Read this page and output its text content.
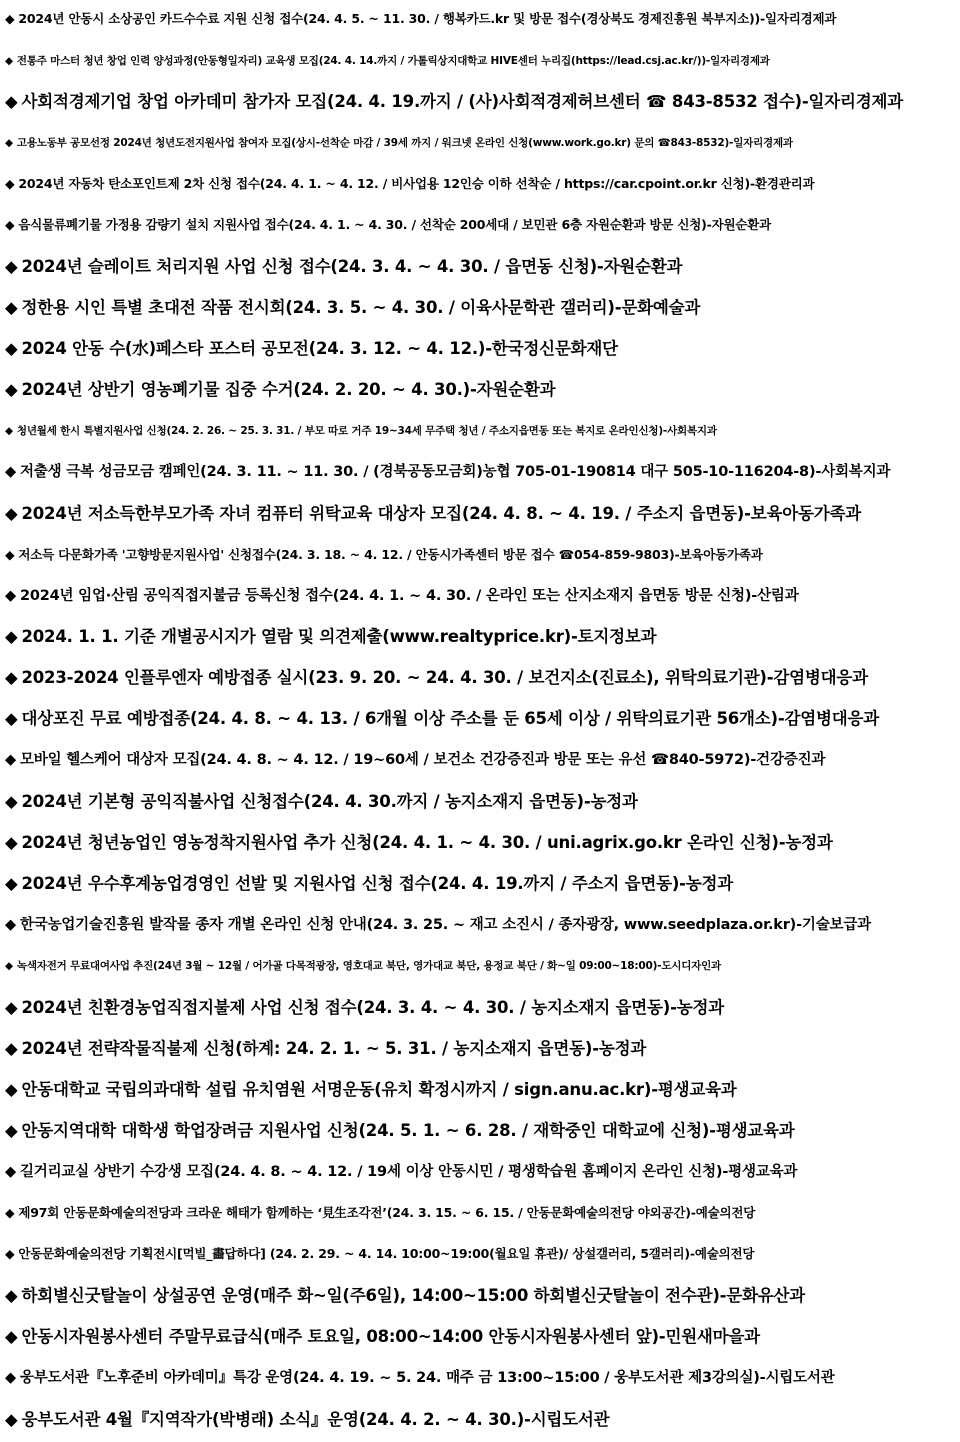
◆ 2024년 안동시 소상공인 카드수수료 지원 신청 접수(24. 4. 5. ~ 11. 30. / 행복카드.kr 및 방문 접수(경상북도 경제진흥원 북부지소))-일자리경제과
◆ 전통주 마스터 청년 창업 인력 양성과정(안동형일자리) 교육생 모집(24. 4. 14.까지 / 가톨릭상지대학교 HIVE센터 누리집(https://lead.csj.ac.kr/))-일자리경제과
◆ 사회적경제기업 창업 아카데미 참가자 모집(24. 4. 19.까지 / (사)사회적경제허브센터 ☎ 843-8532 접수)-일자리경제과
◆ 고용노동부 공모선정 2024년 청년도전지원사업 참여자 모집(상시-선착순 마감 / 39세 까지 / 워크넷 온라인 신청(www.work.go.kr) 문의 ☎843-8532)-일자리경제과
◆ 2024년 자동차 탄소포인트제 2차 신청 접수(24. 4. 1. ~ 4. 12. / 비사업용 12인승 이하 선착순 / https://car.cpoint.or.kr 신청)-환경관리과
◆ 음식물류폐기물 가정용 감량기 설치 지원사업 접수(24. 4. 1. ~ 4. 30. / 선착순 200세대 / 보민관 6층 자원순환과 방문 신청)-자원순환과
◆ 2024년 슬레이트 처리지원 사업 신청 접수(24. 3. 4. ~ 4. 30. / 읍면동 신청)-자원순환과
◆ 정한용 시인 특별 초대전 작품 전시회(24. 3. 5. ~ 4. 30. / 이육사문학관 갤러리)-문화예술과
◆ 2024 안동 수(水)페스타 포스터 공모전(24. 3. 12. ~ 4. 12.)-한국정신문화재단
◆ 2024년 상반기 영농폐기물 집중 수거(24. 2. 20. ~ 4. 30.)-자원순환과
◆ 청년월세 한시 특별지원사업 신청(24. 2. 26. ~ 25. 3. 31. / 부모 따로 거주 19~34세 무주택 청년 / 주소지읍면동 또는 복지로 온라인신청)-사회복지과
◆ 저출생 극복 성금모금 캠페인(24. 3. 11. ~ 11. 30. / (경북공동모금회)농협 705-01-190814 대구 505-10-116204-8)-사회복지과
◆ 2024년 저소득한부모가족 자녀 컴퓨터 위탁교육 대상자 모집(24. 4. 8. ~ 4. 19. / 주소지 읍면동)-보육아동가족과
◆ 저소득 다문화가족 '고향방문지원사업' 신청접수(24. 3. 18. ~ 4. 12. / 안동시가족센터 방문 접수 ☎054-859-9803)-보육아동가족과
◆ 2024년 임업·산림 공익직접지불금 등록신청 접수(24. 4. 1. ~ 4. 30. / 온라인 또는 산지소재지 읍면동 방문 신청)-산림과
◆ 2024. 1. 1. 기준 개별공시지가 열람 및 의견제출(www.realtyprice.kr)-토지정보과
◆ 2023-2024 인플루엔자 예방접종 실시(23. 9. 20. ~ 24. 4. 30. / 보건지소(진료소), 위탁의료기관)-감염병대응과
◆ 대상포진 무료 예방접종(24. 4. 8. ~ 4. 13. / 6개월 이상 주소를 둔 65세 이상 / 위탁의료기관 56개소)-감염병대응과
◆ 모바일 헬스케어 대상자 모집(24. 4. 8. ~ 4. 12. / 19~60세 / 보건소 건강증진과 방문 또는 유선 ☎840-5972)-건강증진과
◆ 2024년 기본형 공익직불사업 신청접수(24. 4. 30.까지 / 농지소재지 읍면동)-농정과
◆ 2024년 청년농업인 영농정착지원사업 추가 신청(24. 4. 1. ~ 4. 30. / uni.agrix.go.kr 온라인 신청)-농정과
◆ 2024년 우수후계농업경영인 선발 및 지원사업 신청 접수(24. 4. 19.까지 / 주소지 읍면동)-농정과
◆ 한국농업기술진흥원 발작물 종자 개별 온라인 신청 안내(24. 3. 25. ~ 재고 소진시 / 종자광장, www.seedplaza.or.kr)-기술보급과
◆ 녹색자전거 무료대여사업 추진(24년 3월 ~ 12월 / 어가골 다목적광장, 영호대교 북단, 영가대교 북단, 용정교 북단 / 화~일 09:00~18:00)-도시디자인과
◆ 2024년 친환경농업직접지불제 사업 신청 접수(24. 3. 4. ~ 4. 30. / 농지소재지 읍면동)-농정과
◆ 2024년 전략작물직불제 신청(하계: 24. 2. 1. ~ 5. 31. / 농지소재지 읍면동)-농정과
◆ 안동대학교 국립의과대학 설립 유치염원 서명운동(유치 확정시까지 / sign.anu.ac.kr)-평생교육과
◆ 안동지역대학 대학생 학업장려금 지원사업 신청(24. 5. 1. ~ 6. 28. / 재학중인 대학교에 신청)-평생교육과
◆ 길거리교실 상반기 수강생 모집(24. 4. 8. ~ 4. 12. / 19세 이상 안동시민 / 평생학습원 홈페이지 온라인 신청)-평생교육과
◆ 제97회 안동문화예술의전당과 크라운 해태가 함께하는 ‘見生조각전’(24. 3. 15. ~ 6. 15. / 안동문화예술의전당 야외공간)-예술의전당
◆ 안동문화예술의전당 기획전시[먹빌_畵답하다] (24. 2. 29. ~ 4. 14. 10:00~19:00(월요일 휴관)/ 상설갤러리, 5갤러리)-예술의전당
◆ 하회별신굿탈놀이 상설공연 운영(매주 화~일(주6일), 14:00~15:00 하회별신굿탈놀이 전수관)-문화유산과
◆ 안동시자원봉사센터 주말무료급식(매주 토요일, 08:00~14:00 안동시자원봉사센터 앞)-민원새마을과
◆ 웅부도서관『노후준비 아카데미』특강 운영(24. 4. 19. ~ 5. 24. 매주 금 13:00~15:00 / 웅부도서관 제3강의실)-시립도서관
◆ 웅부도서관 4월『지역작가(박병래) 소식』운영(24. 4. 2. ~ 4. 30.)-시립도서관
